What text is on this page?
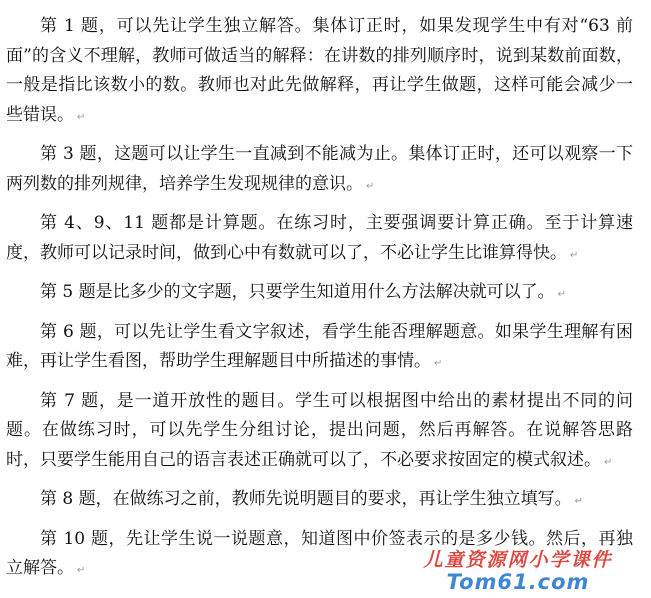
第 1 题，可以先让学生独立解答。集体订正时，如果发现学生中有对“63 前面”的含义不理解，教师可做适当的解释：在讲数的排列顺序时，说到某数前面数，一般是指比该数小的数。教师也对此先做解释，再让学生做题，这样可能会减少一些错误。 ↵

第 3 题，这题可以让学生一直减到不能减为止。集体订正时，还可以观察一下两列数的排列规律，培养学生发现规律的意识。 ↵

第 4、9、11 题都是计算题。在练习时，主要强调要计算正确。至于计算速度，教师可以记录时间，做到心中有数就可以了，不必让学生比谁算得快。 ↵

第 5 题是比多少的文字题，只要学生知道用什么方法解决就可以了。 ↵

第 6 题，可以先让学生看文字叙述，看学生能否理解题意。如果学生理解有困难，再让学生看图，帮助学生理解题目中所描述的事情。 ↵

第 7 题，是一道开放性的题目。学生可以根据图中给出的素材提出不同的问题。在做练习时，可以先学生分组讨论，提出问题，然后再解答。在说解答思路时，只要学生能用自己的语言表述正确就可以了，不必要求按固定的模式叙述。 ↵

第 8 题，在做练习之前，教师先说明题目的要求，再让学生独立填写。 ↵

第 10 题，先让学生说一说题意，知道图中价签表示的是多少钱。然后，再独立解答。 ↵	儿童资源网小学课件
Tom61.com
